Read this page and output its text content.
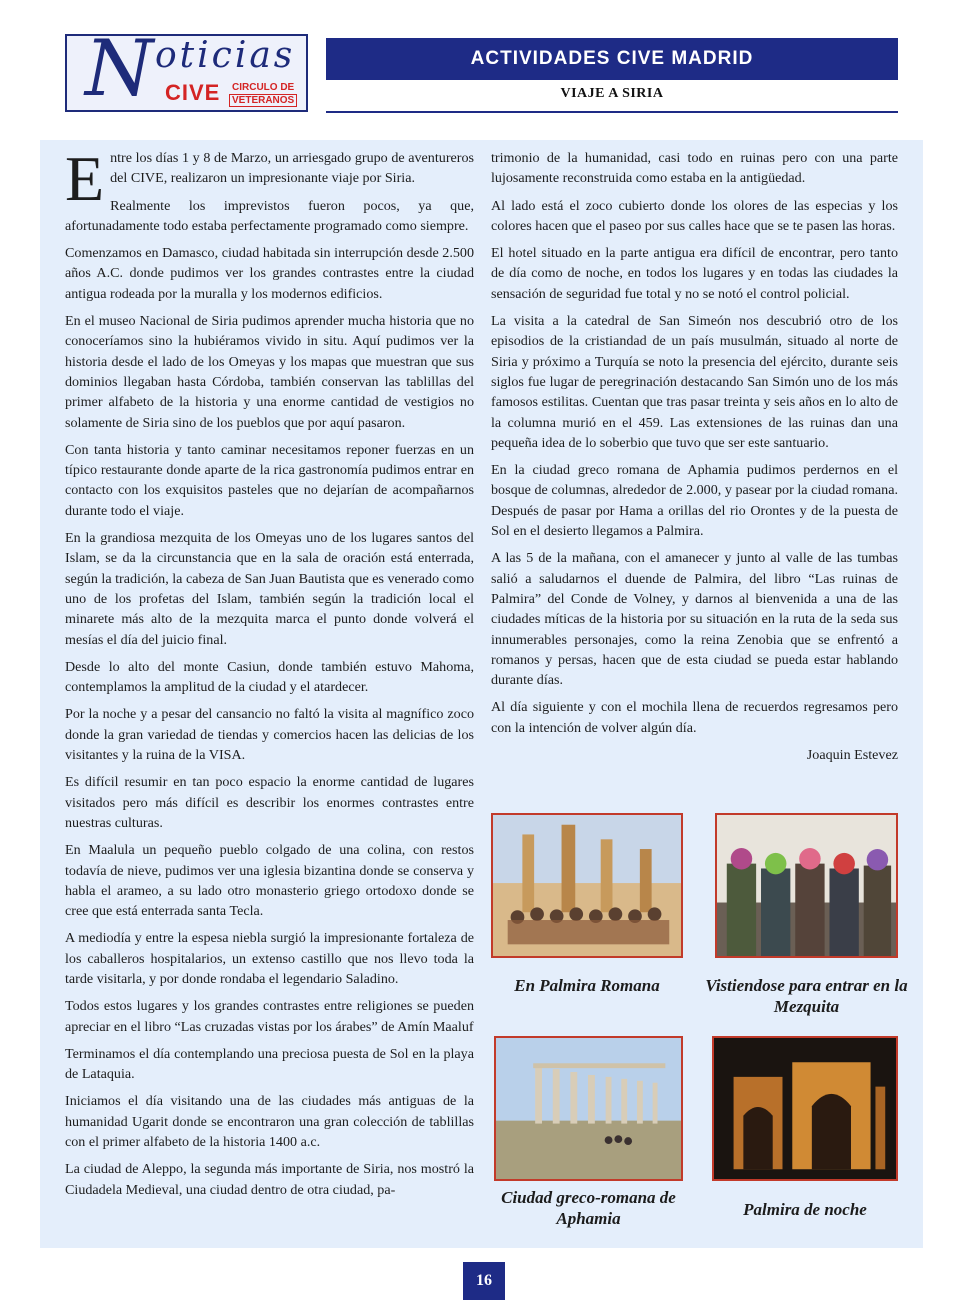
N oticias
CIVE	CIRCULO DE
VETERANOS
ACTIVIDADES CIVE MADRID
VIAJE A SIRIA

Entre los días 1 y 8 de Marzo, un arriesgado grupo de aventureros del CIVE, realizaron un impresionante viaje por Siria.

Realmente los imprevistos fueron pocos, ya que, afortunadamente todo estaba perfectamente programado como siempre.

Comenzamos en Damasco, ciudad habitada sin interrupción desde 2.500 años A.C. donde pudimos ver los grandes contrastes entre la ciudad antigua rodeada por la muralla y los modernos edificios.

En el museo Nacional de Siria pudimos aprender mucha historia que no conoceríamos sino la hubiéramos vivido in situ. Aquí pudimos ver la historia desde el lado de los Omeyas y los mapas que muestran que sus dominios llegaban hasta Córdoba, también conservan las tablillas del primer alfabeto de la historia y una enorme cantidad de vestigios no solamente de Siria sino de los pueblos que por aquí pasaron.

Con tanta historia y tanto caminar necesitamos reponer fuerzas en un típico restaurante donde aparte de la rica gastronomía pudimos entrar en contacto con los exquisitos pasteles que no dejarían de acompañarnos durante todo el viaje.

En la grandiosa mezquita de los Omeyas uno de los lugares santos del Islam, se da la circunstancia que en la sala de oración está enterrada, según la tradición, la cabeza de San Juan Bautista que es venerado como uno de los profetas del Islam, también según la tradición local el minarete más alto de la mezquita marca el punto donde volverá el mesías el día del juicio final.

Desde lo alto del monte Casiun, donde también estuvo Mahoma, contemplamos la amplitud de la ciudad y el atardecer.

Por la noche y a pesar del cansancio no faltó la visita al magnífico zoco donde la gran variedad de tiendas y comercios hacen las delicias de los visitantes y la ruina de la VISA.

Es difícil resumir en tan poco espacio la enorme cantidad de lugares visitados pero más difícil es describir los enormes contrastes entre nuestras culturas.

En Maalula un pequeño pueblo colgado de una colina, con restos todavía de nieve, pudimos ver una iglesia bizantina donde se conserva y habla el arameo, a su lado otro monasterio griego ortodoxo donde se cree que está enterrada santa Tecla.

A mediodía y entre la espesa niebla surgió la impresionante fortaleza de los caballeros hospitalarios, un extenso castillo que nos llevo toda la tarde visitarla, y por donde rondaba el legendario Saladino.

Todos estos lugares y los grandes contrastes entre religiones se pueden apreciar en el libro “Las cruzadas vistas por los árabes” de Amín Maaluf

Terminamos el día contemplando una preciosa puesta de Sol en la playa de Lataquia.

Iniciamos el día visitando una de las ciudades más antiguas de la humanidad Ugarit donde se encontraron una gran colección de tablillas con el primer alfabeto de la historia 1400 a.c.

La ciudad de Aleppo, la segunda más importante de Siria, nos mostró la Ciudadela Medieval, una ciudad dentro de otra ciudad, pa-

trimonio de la humanidad, casi todo en ruinas pero con una parte lujosamente reconstruida como estaba en la antigüedad.

Al lado está el zoco cubierto donde los olores de las especias y los colores hacen que el paseo por sus calles hace que se te pasen las horas.

El hotel situado en la parte antigua era difícil de encontrar, pero tanto de día como de noche, en todos los lugares y en todas las ciudades la sensación de seguridad fue total y no se notó el control policial.

La visita a la catedral de San Simeón nos descubrió otro de los episodios de la cristiandad de un país musulmán, situado al norte de Siria y próximo a Turquía se noto la presencia del ejército, durante seis siglos fue lugar de peregrinación destacando San Simón uno de los más famosos estilitas. Cuentan que tras pasar treinta y seis años en lo alto de la columna murió en el 459. Las extensiones de las ruinas dan una pequeña idea de lo soberbio que tuvo que ser este santuario.

En la ciudad greco romana de Aphamia pudimos perdernos en el bosque de columnas, alrededor de 2.000, y pasear por la ciudad romana. Después de pasar por Hama a orillas del rio Orontes y de la puesta de Sol en el desierto llegamos a Palmira.

A las 5 de la mañana, con el amanecer y junto al valle de las tumbas salió a saludarnos el duende de Palmira, del libro “Las ruinas de Palmira” del Conde de Volney, y darnos al bienvenida a una de las ciudades míticas de la historia por su situación en la ruta de la seda sus innumerables personajes, como la reina Zenobia que se enfrentó a romanos y persas, hacen que de esta ciudad se pueda estar hablando durante días.

Al día siguiente y con el mochila llena de recuerdos regresamos pero con la intención de volver algún día.

Joaquin Estevez
En Palmira Romana	Vistiendose para entrar en la Mezquita
Ciudad greco-romana de Aphamia	Palmira de noche
16
